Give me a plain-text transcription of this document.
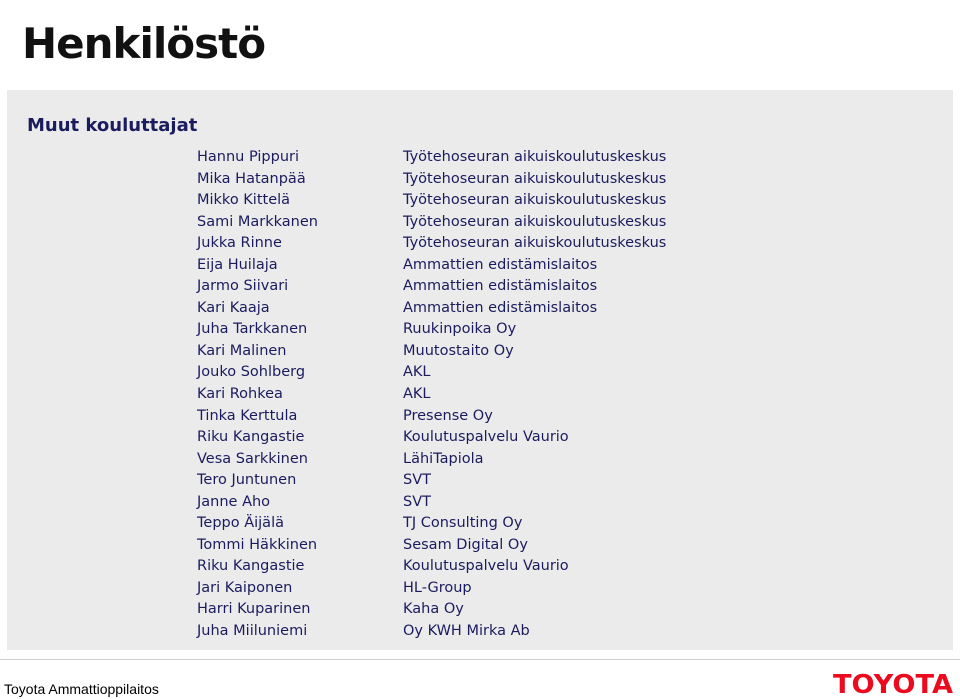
Henkilöstö
Muut kouluttajat
Hannu Pippuri	Työtehoseuran aikuiskoulutuskeskus
Mika Hatanpää	Työtehoseuran aikuiskoulutuskeskus
Mikko Kittelä	Työtehoseuran aikuiskoulutuskeskus
Sami Markkanen	Työtehoseuran aikuiskoulutuskeskus
Jukka Rinne	Työtehoseuran aikuiskoulutuskeskus
Eija Huilaja	Ammattien edistämislaitos
Jarmo Siivari	Ammattien edistämislaitos
Kari Kaaja	Ammattien edistämislaitos
Juha Tarkkanen	Ruukinpoika Oy
Kari Malinen	Muutostaito Oy
Jouko Sohlberg	AKL
Kari Rohkea	AKL
Tinka Kerttula	Presense Oy
Riku Kangastie	Koulutuspalvelu Vaurio
Vesa Sarkkinen	LähiTapiola
Tero Juntunen	SVT
Janne Aho	SVT
Teppo Äijälä	TJ Consulting Oy
Tommi Häkkinen	Sesam Digital Oy
Riku Kangastie	Koulutuspalvelu Vaurio
Jari Kaiponen	HL-Group
Harri Kuparinen	Kaha Oy
Juha Miiluniemi	Oy KWH Mirka Ab
Toyota Ammattioppilaitos	TOYOTA
